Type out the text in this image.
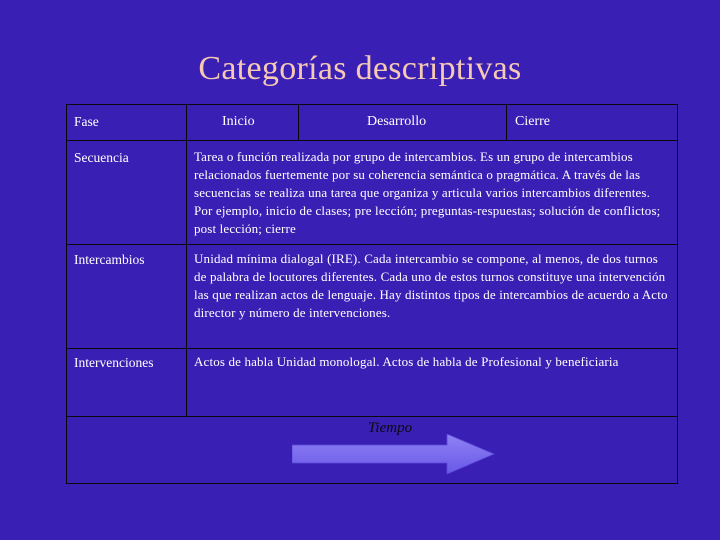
Categorías descriptivas
Fase	Inicio	Desarrollo	Cierre
Secuencia	Tarea o función realizada por grupo de intercambios. Es un grupo de intercambios relacionados fuertemente por su coherencia semántica o pragmática. A través de las secuencias se realiza una tarea que organiza y articula varios intercambios diferentes. Por ejemplo, inicio de clases; pre lección; preguntas-respuestas; solución de conflictos; post lección; cierre
Intercambios	Unidad mínima dialogal (IRE). Cada intercambio se compone, al menos, de dos turnos de palabra de locutores diferentes. Cada uno de estos turnos constituye una intervención las que realizan actos de lenguaje. Hay distintos tipos de intercambios de acuerdo a Acto director y número de intervenciones.
Intervenciones	Actos de habla Unidad monologal. Actos de habla de Profesional y beneficiaria
Tiempo
